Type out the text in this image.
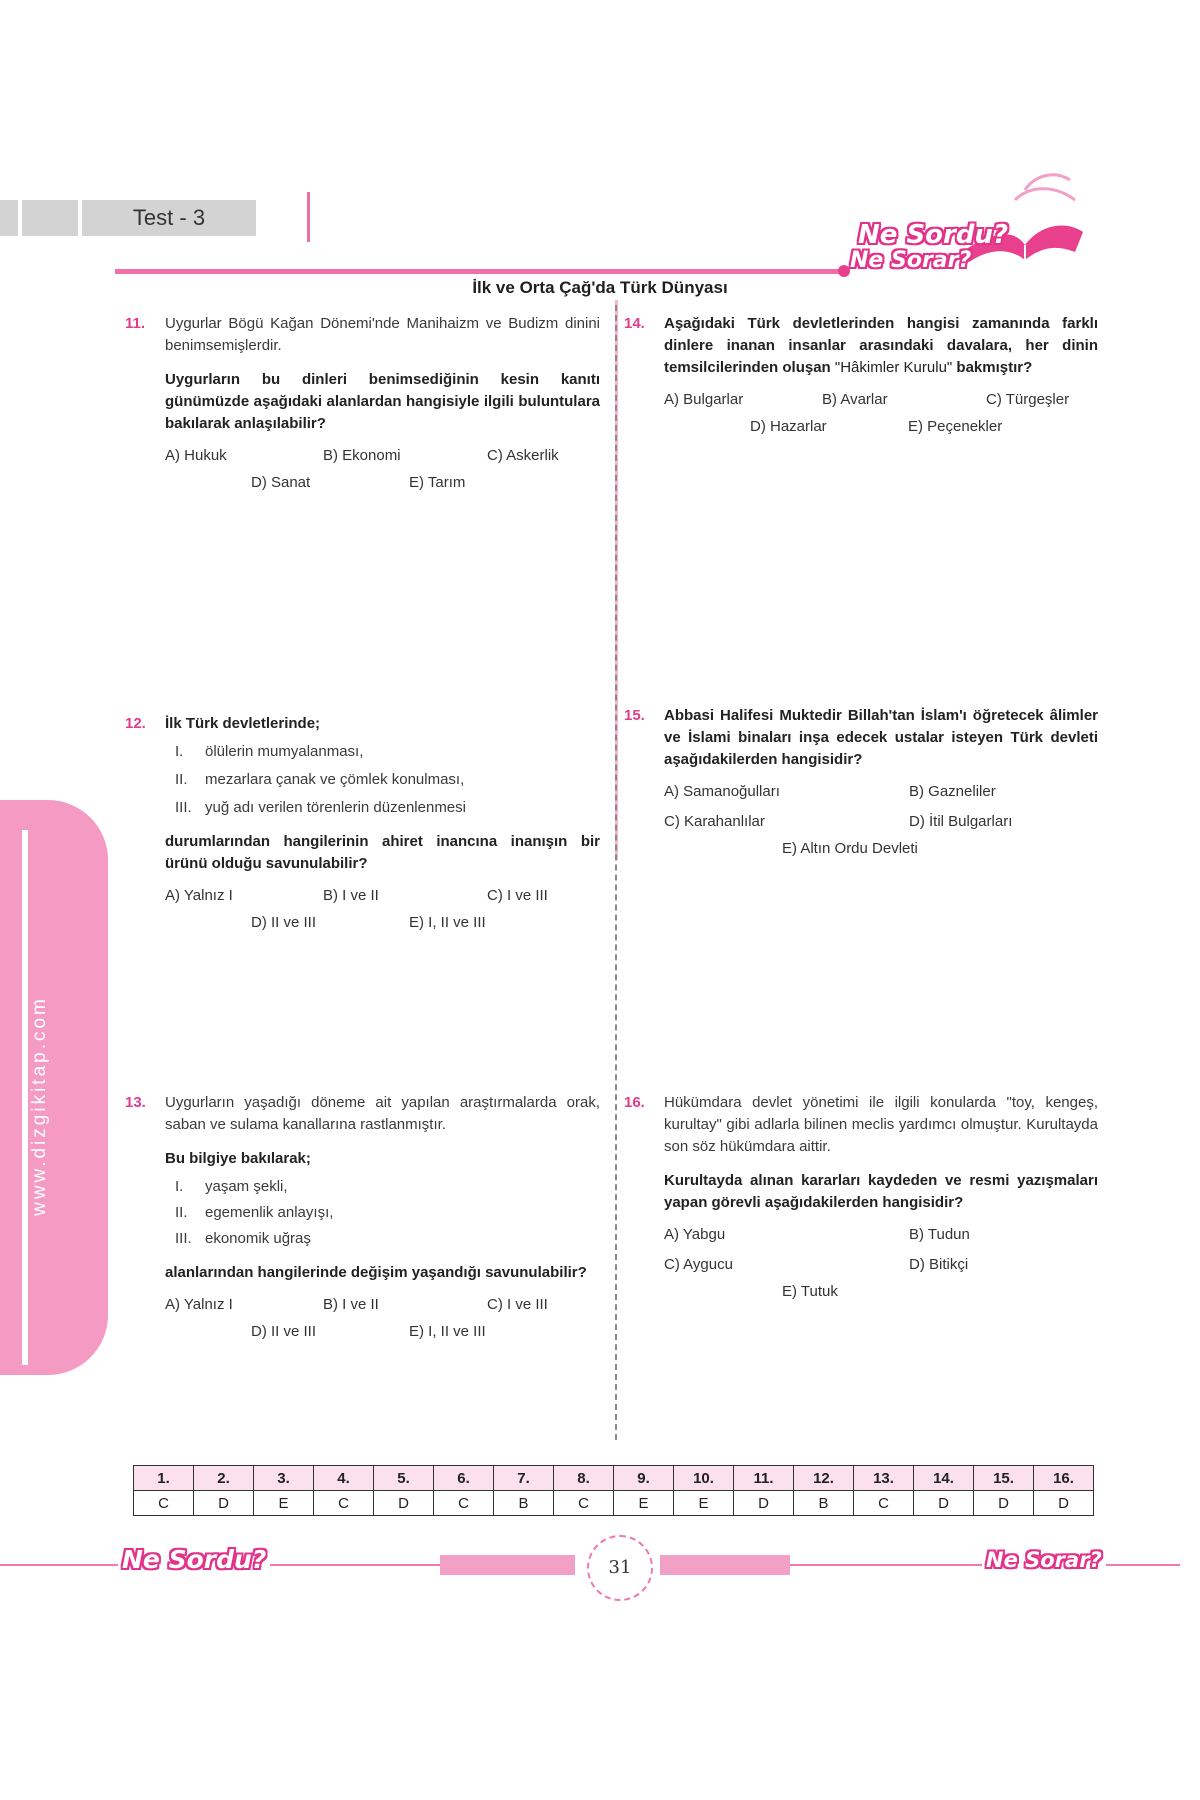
Test - 3
Ne Sordu?
Ne Sorar?
İlk ve Orta Çağ'da Türk Dünyası
www.dizgikitap.com
11. Uygurlar Bögü Kağan Dönemi'nde Manihaizm ve Budizm dinini benimsemişlerdir.

Uygurların bu dinleri benimsediğinin kesin kanıtı günümüzde aşağıdaki alanlardan hangisiyle ilgili buluntulara bakılarak anlaşılabilir?

A) Hukuk	B) Ekonomi	C) Askerlik
D) Sanat	E) Tarım
12. İlk Türk devletlerinde;

I. ölülerin mumyalanması,

II. mezarlara çanak ve çömlek konulması,

III. yuğ adı verilen törenlerin düzenlenmesi

durumlarından hangilerinin ahiret inancına inanışın bir ürünü olduğu savunulabilir?

A) Yalnız I	B) I ve II	C) I ve III
D) II ve III	E) I, II ve III
13. Uygurların yaşadığı döneme ait yapılan araştırmalarda orak, saban ve sulama kanallarına rastlanmıştır.

Bu bilgiye bakılarak;

I. yaşam şekli,

II. egemenlik anlayışı,

III. ekonomik uğraş

alanlarından hangilerinde değişim yaşandığı savunulabilir?

A) Yalnız I	B) I ve II	C) I ve III
D) II ve III	E) I, II ve III
14. Aşağıdaki Türk devletlerinden hangisi zamanında farklı dinlere inanan insanlar arasındaki davalara, her dinin temsilcilerinden oluşan "Hâkimler Kurulu" bakmıştır?

A) Bulgarlar	B) Avarlar	C) Türgeşler
D) Hazarlar	E) Peçenekler
15. Abbasi Halifesi Muktedir Billah'tan İslam'ı öğretecek âlimler ve İslami binaları inşa edecek ustalar isteyen Türk devleti aşağıdakilerden hangisidir?

A) Samanoğulları	B) Gazneliler
C) Karahanlılar	D) İtil Bulgarları
E) Altın Ordu Devleti
16. Hükümdara devlet yönetimi ile ilgili konularda "toy, kengeş, kurultay" gibi adlarla bilinen meclis yardımcı olmuştur. Kurultayda son söz hükümdara aittir.

Kurultayda alınan kararları kaydeden ve resmi yazışmaları yapan görevli aşağıdakilerden hangisidir?

A) Yabgu	B) Tudun
C) Aygucu	D) Bitikçi
E) Tutuk
1.	2.	3.	4.	5.	6.	7.	8.	9.	10.	11.	12.	13.	14.	15.	16.
C	D	E	C	D	C	B	C	E	E	D	B	C	D	D	D
Ne Sordu?	Ne Sorar?
31
